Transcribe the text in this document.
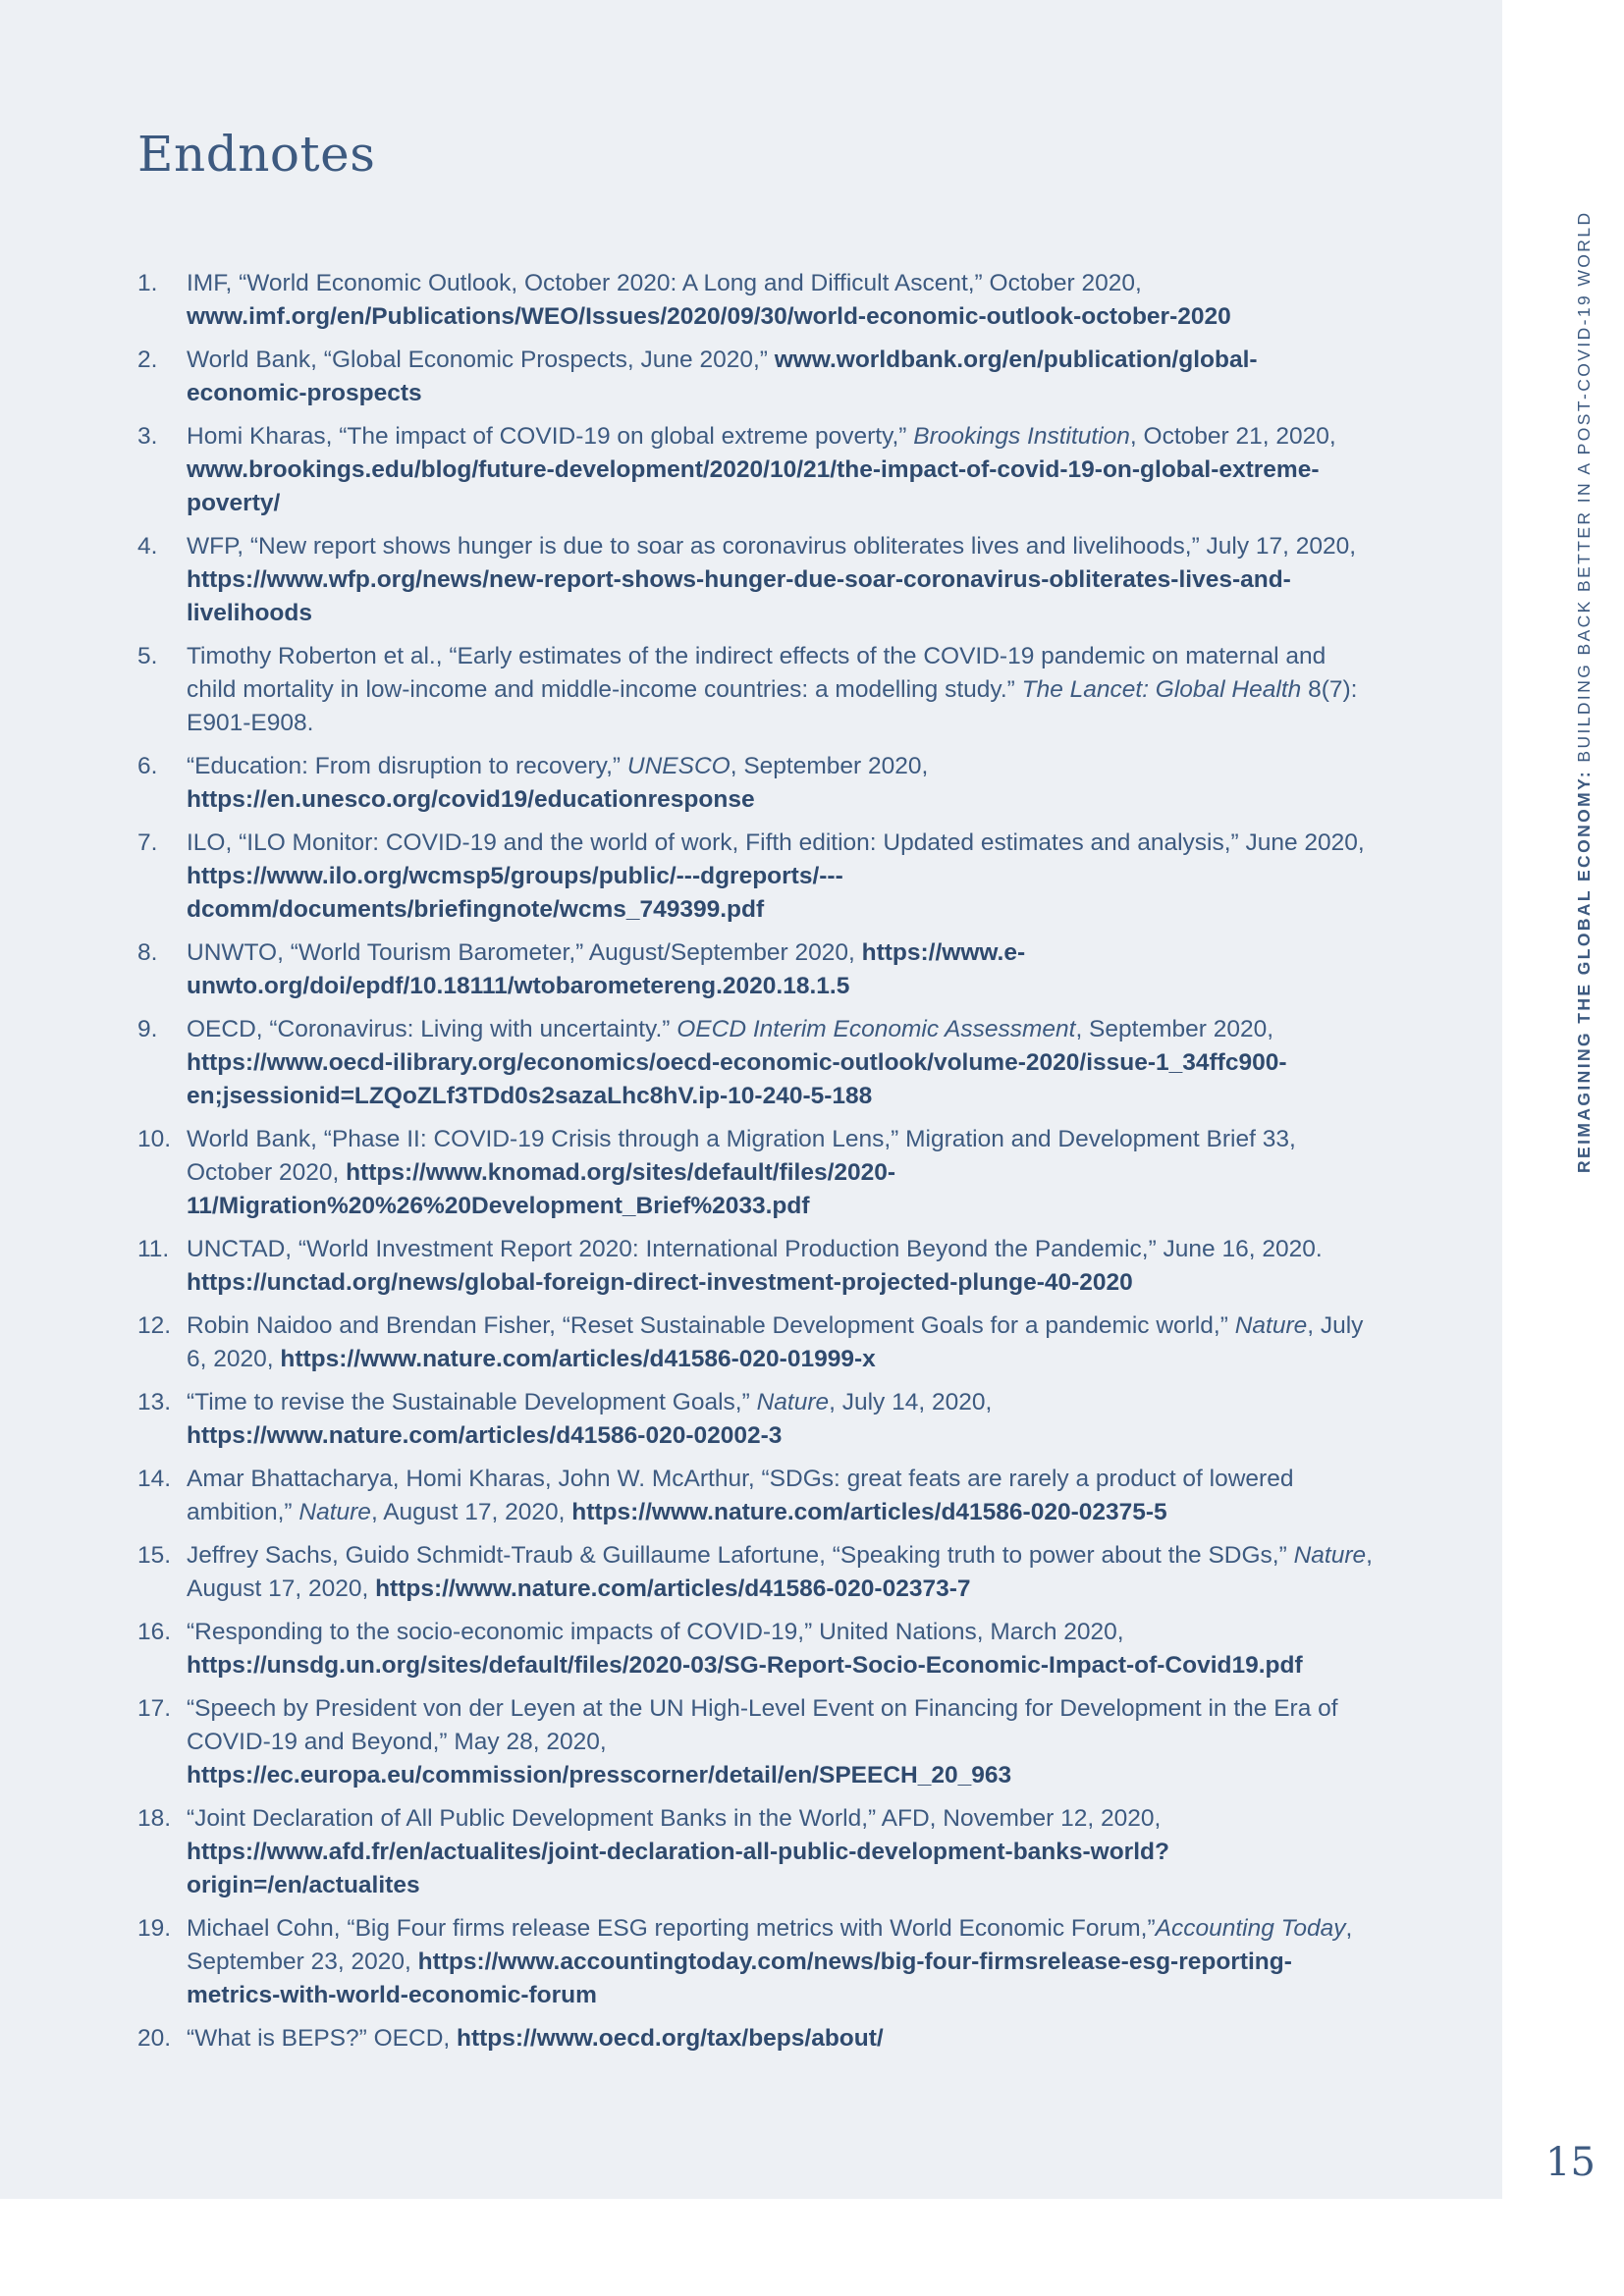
Endnotes
1. IMF, “World Economic Outlook, October 2020: A Long and Difficult Ascent,” October 2020, www.imf.org/en/Publications/WEO/Issues/2020/09/30/world-economic-outlook-october-2020
2. World Bank, “Global Economic Prospects, June 2020,” www.worldbank.org/en/publication/global-economic-prospects
3. Homi Kharas, “The impact of COVID-19 on global extreme poverty,” Brookings Institution, October 21, 2020, www.brookings.edu/blog/future-development/2020/10/21/the-impact-of-covid-19-on-global-extreme-poverty/
4. WFP, “New report shows hunger is due to soar as coronavirus obliterates lives and livelihoods,” July 17, 2020, https://www.wfp.org/news/new-report-shows-hunger-due-soar-coronavirus-obliterates-lives-and-livelihoods
5. Timothy Roberton et al., “Early estimates of the indirect effects of the COVID-19 pandemic on maternal and child mortality in low-income and middle-income countries: a modelling study.” The Lancet: Global Health 8(7): E901-E908.
6. “Education: From disruption to recovery,” UNESCO, September 2020, https://en.unesco.org/covid19/educationresponse
7. ILO, “ILO Monitor: COVID-19 and the world of work, Fifth edition: Updated estimates and analysis,” June 2020, https://www.ilo.org/wcmsp5/groups/public/---dgreports/---dcomm/documents/briefingnote/wcms_749399.pdf
8. UNWTO, “World Tourism Barometer,” August/September 2020, https://www.e-unwto.org/doi/epdf/10.18111/wtobarometereng.2020.18.1.5
9. OECD, “Coronavirus: Living with uncertainty.” OECD Interim Economic Assessment, September 2020, https://www.oecd-ilibrary.org/economics/oecd-economic-outlook/volume-2020/issue-1_34ffc900-en;jsessionid=LZQoZLf3TDd0s2sazaLhc8hV.ip-10-240-5-188
10. World Bank, “Phase II: COVID-19 Crisis through a Migration Lens,” Migration and Development Brief 33, October 2020, https://www.knomad.org/sites/default/files/2020-11/Migration%20%26%20Development_Brief%2033.pdf
11. UNCTAD, “World Investment Report 2020: International Production Beyond the Pandemic,” June 16, 2020. https://unctad.org/news/global-foreign-direct-investment-projected-plunge-40-2020
12. Robin Naidoo and Brendan Fisher, “Reset Sustainable Development Goals for a pandemic world,” Nature, July 6, 2020, https://www.nature.com/articles/d41586-020-01999-x
13. “Time to revise the Sustainable Development Goals,” Nature, July 14, 2020, https://www.nature.com/articles/d41586-020-02002-3
14. Amar Bhattacharya, Homi Kharas, John W. McArthur, “SDGs: great feats are rarely a product of lowered ambition,” Nature, August 17, 2020, https://www.nature.com/articles/d41586-020-02375-5
15. Jeffrey Sachs, Guido Schmidt-Traub & Guillaume Lafortune, “Speaking truth to power about the SDGs,” Nature, August 17, 2020, https://www.nature.com/articles/d41586-020-02373-7
16. “Responding to the socio-economic impacts of COVID-19,” United Nations, March 2020, https://unsdg.un.org/sites/default/files/2020-03/SG-Report-Socio-Economic-Impact-of-Covid19.pdf
17. “Speech by President von der Leyen at the UN High-Level Event on Financing for Development in the Era of COVID-19 and Beyond,” May 28, 2020, https://ec.europa.eu/commission/presscorner/detail/en/SPEECH_20_963
18. “Joint Declaration of All Public Development Banks in the World,” AFD, November 12, 2020, https://www.afd.fr/en/actualites/joint-declaration-all-public-development-banks-world?origin=/en/actualites
19. Michael Cohn, “Big Four firms release ESG reporting metrics with World Economic Forum,”Accounting Today, September 23, 2020, https://www.accountingtoday.com/news/big-four-firmsrelease-esg-reporting-metrics-with-world-economic-forum
20. “What is BEPS?” OECD, https://www.oecd.org/tax/beps/about/
REIMAGINING THE GLOBAL ECONOMY: BUILDING BACK BETTER IN A POST-COVID-19 WORLD
15
